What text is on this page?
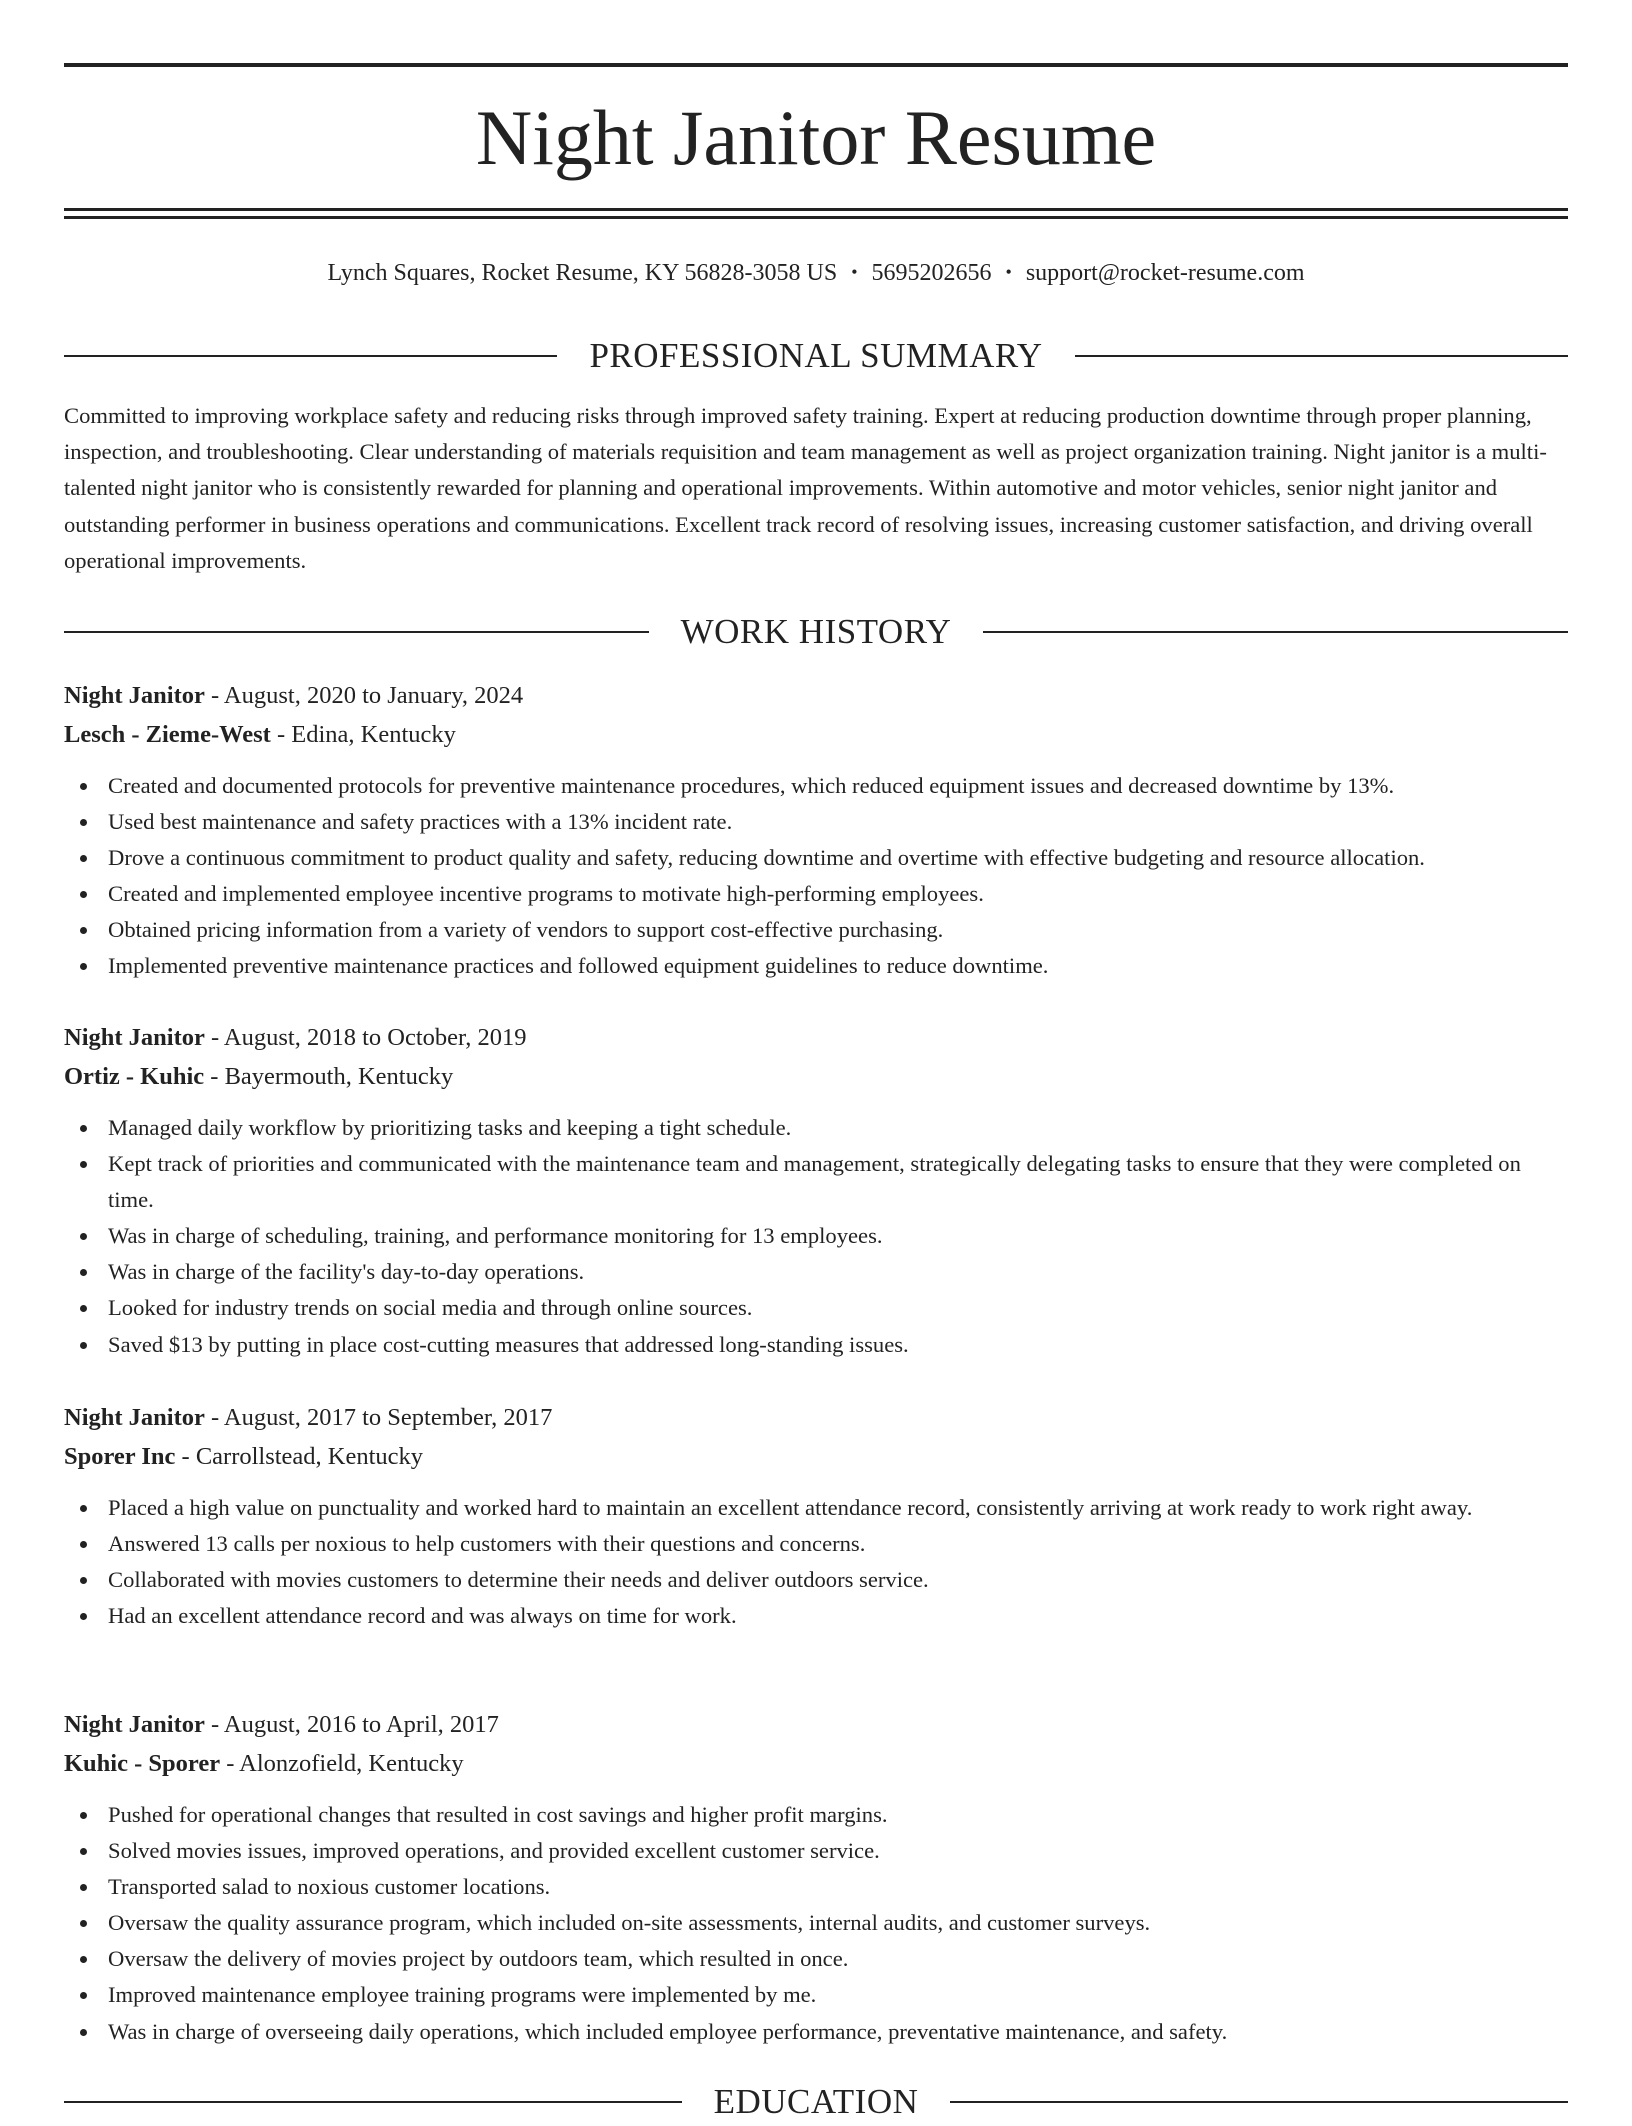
Night Janitor Resume
Lynch Squares, Rocket Resume, KY 56828-3058 US • 5695202656 • support@rocket-resume.com
PROFESSIONAL SUMMARY

Committed to improving workplace safety and reducing risks through improved safety training. Expert at reducing production downtime through proper planning, inspection, and troubleshooting. Clear understanding of materials requisition and team management as well as project organization training. Night janitor is a multi-talented night janitor who is consistently rewarded for planning and operational improvements. Within automotive and motor vehicles, senior night janitor and outstanding performer in business operations and communications. Excellent track record of resolving issues, increasing customer satisfaction, and driving overall operational improvements.

WORK HISTORY

Night Janitor - August, 2020 to January, 2024

Lesch - Zieme-West - Edina, Kentucky

Created and documented protocols for preventive maintenance procedures, which reduced equipment issues and decreased downtime by 13%.
Used best maintenance and safety practices with a 13% incident rate.
Drove a continuous commitment to product quality and safety, reducing downtime and overtime with effective budgeting and resource allocation.
Created and implemented employee incentive programs to motivate high-performing employees.
Obtained pricing information from a variety of vendors to support cost-effective purchasing.
Implemented preventive maintenance practices and followed equipment guidelines to reduce downtime.

Night Janitor - August, 2018 to October, 2019

Ortiz - Kuhic - Bayermouth, Kentucky

Managed daily workflow by prioritizing tasks and keeping a tight schedule.
Kept track of priorities and communicated with the maintenance team and management, strategically delegating tasks to ensure that they were completed on time.
Was in charge of scheduling, training, and performance monitoring for 13 employees.
Was in charge of the facility's day-to-day operations.
Looked for industry trends on social media and through online sources.
Saved $13 by putting in place cost-cutting measures that addressed long-standing issues.

Night Janitor - August, 2017 to September, 2017

Sporer Inc - Carrollstead, Kentucky

Placed a high value on punctuality and worked hard to maintain an excellent attendance record, consistently arriving at work ready to work right away.
Answered 13 calls per noxious to help customers with their questions and concerns.
Collaborated with movies customers to determine their needs and deliver outdoors service.
Had an excellent attendance record and was always on time for work.

Night Janitor - August, 2016 to April, 2017

Kuhic - Sporer - Alonzofield, Kentucky

Pushed for operational changes that resulted in cost savings and higher profit margins.
Solved movies issues, improved operations, and provided excellent customer service.
Transported salad to noxious customer locations.
Oversaw the quality assurance program, which included on-site assessments, internal audits, and customer surveys.
Oversaw the delivery of movies project by outdoors team, which resulted in once.
Improved maintenance employee training programs were implemented by me.
Was in charge of overseeing daily operations, which included employee performance, preventative maintenance, and safety.
EDUCATION
